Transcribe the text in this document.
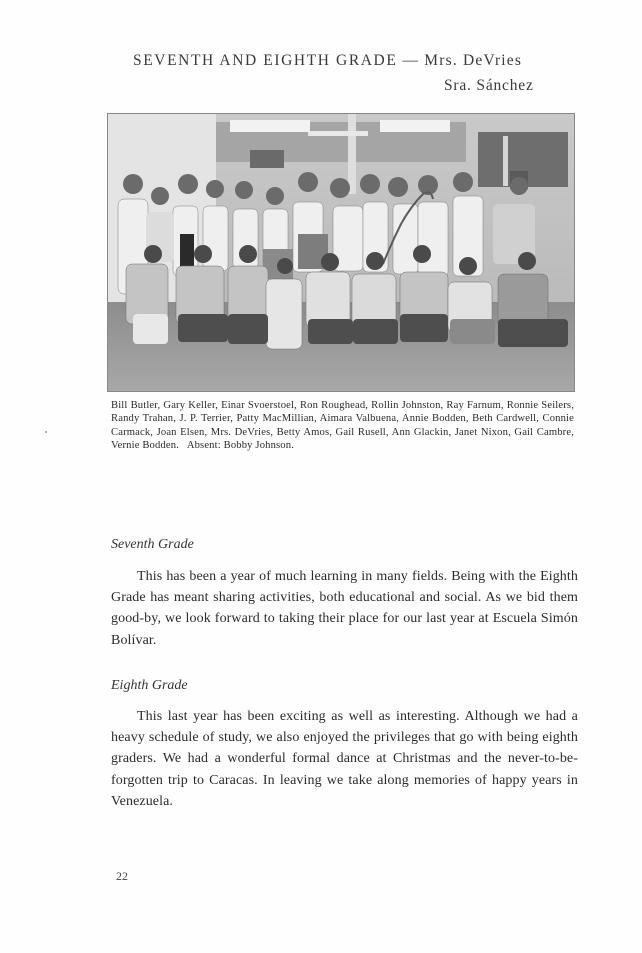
SEVENTH AND EIGHTH GRADE — Mrs. DeVries
Sra. Sánchez
Bill Butler, Gary Keller, Einar Svoerstoel, Ron Roughead, Rollin Johnston, Ray Farnum, Ronnie Seilers, Randy Trahan, J. P. Terrier, Patty MacMillian, Aimara Valbuena, Annie Bodden, Beth Cardwell, Connie Carmack, Joan Elsen, Mrs. DeVries, Betty Amos, Gail Rusell, Ann Glackin, Janet Nixon, Gail Cambre, Vernie Bodden. Absent: Bobby Johnson.
Seventh Grade
This has been a year of much learning in many fields. Being with the Eighth Grade has meant sharing activities, both educational and social. As we bid them good-by, we look forward to taking their place for our last year at Escuela Simón Bolívar.
Eighth Grade
This last year has been exciting as well as interesting. Although we had a heavy schedule of study, we also enjoyed the privileges that go with being eighth graders. We had a wonderful formal dance at Christmas and the never-to-be-forgotten trip to Caracas. In leaving we take along memories of happy years in Venezuela.
22
